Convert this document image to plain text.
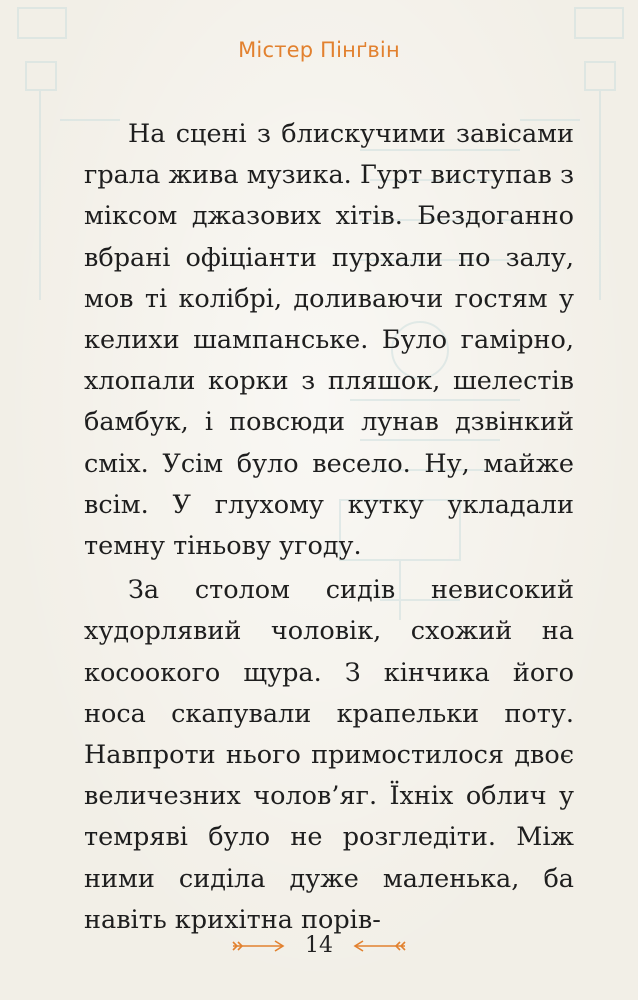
Містер Пінґвін

На сцені з блискучими завісами грала жива музика. Гурт виступав з міксом джазових хітів. Бездоганно вбрані офіціанти пурхали по залу, мов ті колібрі, доливаючи гостям у келихи шампанське. Було гамірно, хлопали корки з пляшок, шелестів бамбук, і повсюди лунав дзвінкий сміх. Усім було весело. Ну, майже всім. У глухому кутку укладали темну тіньову угоду.

За столом сидів невисокий худорлявий чоловік, схожий на косоокого щура. З кінчика його носа скапували крапельки поту. Навпроти нього примостилося двоє величезних чолов’яг. Їхніх облич у темряві було не розгледіти. Між ними сиділа дуже маленька, ба навіть крихітна порів-

14
